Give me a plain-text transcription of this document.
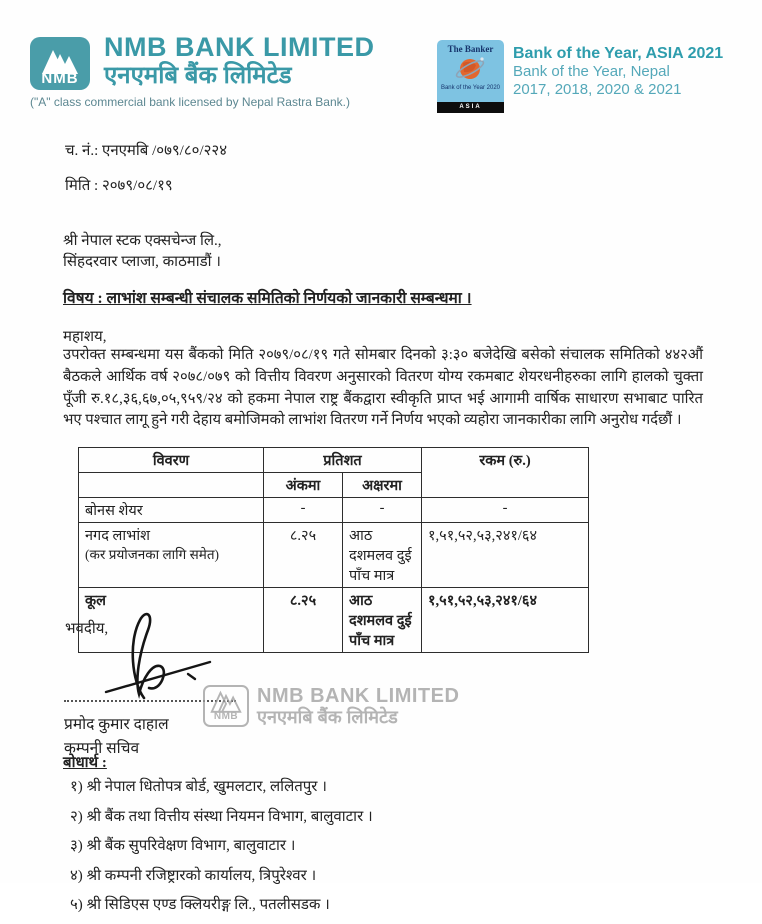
NMB
NMB BANK LIMITED
एनएमबि बैंक लिमिटेड
("A" class commercial bank licensed by Nepal Rastra Bank.)
The Banker
Bank of the Year 2020
ASIA
Bank of the Year, ASIA 2021
Bank of the Year, Nepal
2017, 2018, 2020 & 2021
च. नं.: एनएमबि /०७९/८०/२२४
मिति : २०७९/०८/१९
श्री नेपाल स्टक एक्सचेन्ज लि.,
सिंहदरवार प्लाजा, काठमाडौं ।
विषय : लाभांश सम्बन्धी संचालक समितिको निर्णयको जानकारी सम्बन्धमा ।
महाशय,
उपरोक्त सम्बन्धमा यस बैंकको मिति २०७९/०८/१९ गते सोमबार दिनको ३:३० बजेदेखि बसेको संचालक समितिको ४४२औं बैठकले आर्थिक वर्ष २०७८/०७९ को वित्तीय विवरण अनुसारको वितरण योग्य रकमबाट शेयरधनीहरुका लागि हालको चुक्ता पूँजी रु.१८,३६,६७,०५,९५९/२४ को हकमा नेपाल राष्ट्र बैंकद्वारा स्वीकृति प्राप्त भई आगामी वार्षिक साधारण सभाबाट पारित भए पश्चात लागू हुने गरी देहाय बमोजिमको लाभांश वितरण गर्ने निर्णय भएको व्यहोरा जानकारीका लागि अनुरोध गर्दछौं ।
विवरण	प्रतिशत		रकम (रु.)
	अंकमा	अक्षरमा	
बोनस शेयर	-	-	-

नगद लाभांश
(कर प्रयोजनका लागि समेत)	८.२५	आठ दशमलव दुई पाँच मात्र	१,५१,५२,५३,२४१/६४
कूल	८.२५	आठ दशमलव दुई पाँच मात्र	१,५१,५२,५३,२४१/६४
भवदीय,
प्रमोद कुमार दाहाल
कम्पनी सचिव
NMB
NMB BANK LIMITED
एनएमबि बैंक लिमिटेड
बोधार्थ :
१) श्री नेपाल धितोपत्र बोर्ड, खुमलटार, ललितपुर ।
२) श्री बैंक तथा वित्तीय संस्था नियमन विभाग, बालुवाटार ।
३) श्री बैंक सुपरिवेक्षण विभाग, बालुवाटार ।
४) श्री कम्पनी रजिष्ट्रारको कार्यालय, त्रिपुरेश्वर ।
५) श्री सिडिएस एण्ड क्लियरीङ्ग लि., पतलीसडक ।
